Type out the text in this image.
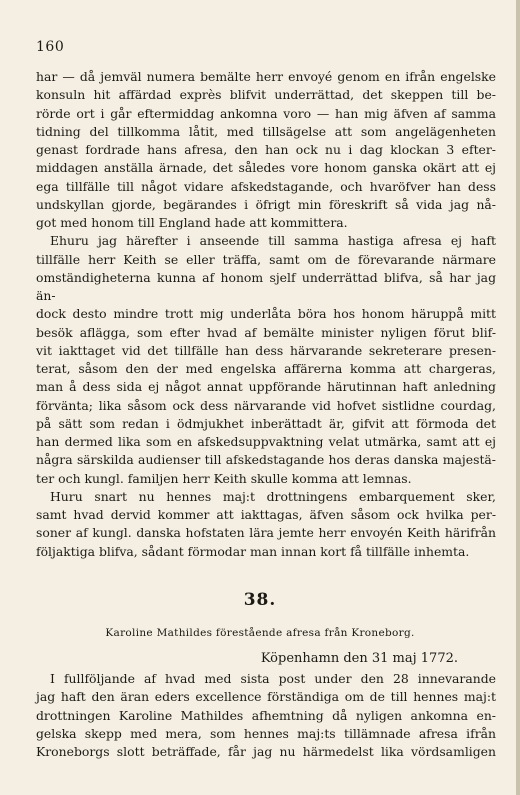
160
har — då jemväl numera bemälte herr envoyé genom en ifrån engelske
konsuln hit affärdad exprès blifvit underrättad, det skeppen till be-
rörde ort i går eftermiddag ankomna voro — han mig äfven af samma
tidning del tillkomma låtit, med tillsägelse att som angelägenheten
genast fordrade hans afresa, den han ock nu i dag klockan 3 efter-
middagen anställa ärnade, det således vore honom ganska okärt att ej
ega tillfälle till något vidare afskedstagande, och hvaröfver han dess
undskyllan gjorde, begärandes i öfrigt min föreskrift så vida jag nå-
got med honom till England hade att kommittera.
Ehuru jag härefter i anseende till samma hastiga afresa ej haft
tillfälle herr Keith se eller träffa, samt om de förevarande närmare
omständigheterna kunna af honom sjelf underrättad blifva, så har jag än-
dock desto mindre trott mig underlåta böra hos honom häruppå mitt
besök aflägga, som efter hvad af bemälte minister nyligen förut blif-
vit iakttaget vid det tillfälle han dess härvarande sekreterare presen-
terat, såsom den der med engelska affärerna komma att chargeras,
man å dess sida ej något annat uppförande härutinnan haft anledning
förvänta; lika såsom ock dess närvarande vid hofvet sistlidne courdag,
på sätt som redan i ödmjukhet inberättadt är, gifvit att förmoda det
han dermed lika som en afskedsuppvaktning velat utmärka, samt att ej
några särskilda audienser till afskedstagande hos deras danska majestä-
ter och kungl. familjen herr Keith skulle komma att lemnas.
Huru snart nu hennes maj:t drottningens embarquement sker,
samt hvad dervid kommer att iakttagas, äfven såsom ock hvilka per-
soner af kungl. danska hofstaten lära jemte herr envoyén Keith härifrån
följaktiga blifva, sådant förmodar man innan kort få tillfälle inhemta.
38.
Karoline Mathildes förestående afresa från Kroneborg.
Köpenhamn den 31 maj 1772.
I fullföljande af hvad med sista post under den 28 innevarande
jag haft den äran eders excellence förständiga om de till hennes maj:t
drottningen Karoline Mathildes afhemtning då nyligen ankomna en-
gelska skepp med mera, som hennes maj:ts tillämnade afresa ifrån
Kroneborgs slott beträffade, får jag nu härmedelst lika vördsamligen
